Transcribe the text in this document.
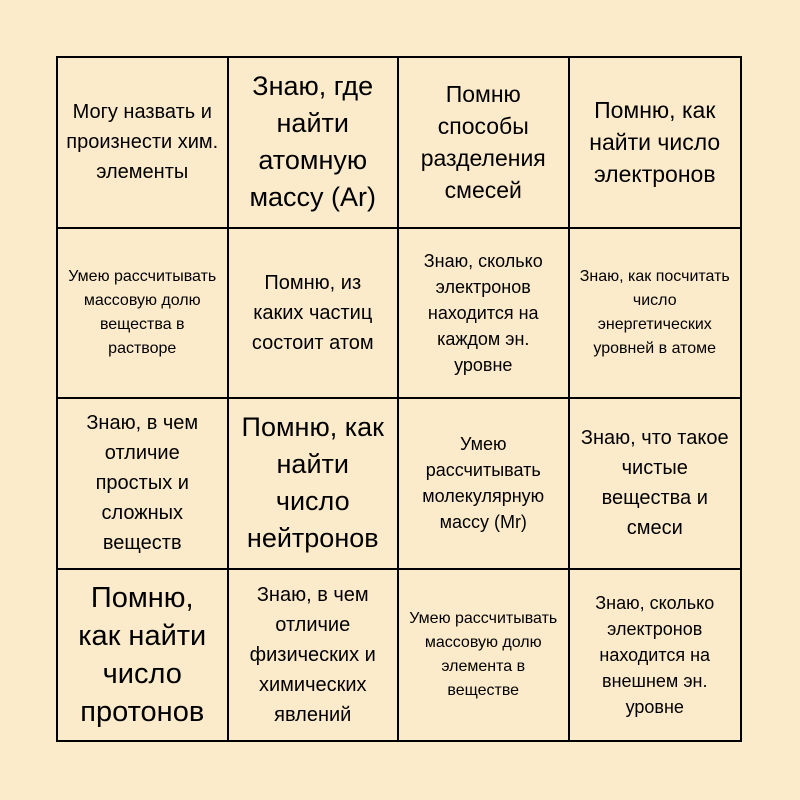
Могу назвать и произнести хим. элементы
Знаю, где найти атомную массу (Ar)
Помню способы разделения смесей
Помню, как найти число электронов
Умею рассчитывать массовую долю вещества в растворе
Помню, из каких частиц состоит атом
Знаю, сколько электронов находится на каждом эн. уровне
Знаю, как посчитать число энергетических уровней в атоме
Знаю, в чем отличие простых и сложных веществ
Помню, как найти число нейтронов
Умею рассчитывать молекулярную массу (Mr)
Знаю, что такое чистые вещества и смеси
Помню, как найти число протонов
Знаю, в чем отличие физических и химических явлений
Умею рассчитывать массовую долю элемента в веществе
Знаю, сколько электронов находится на внешнем эн. уровне
